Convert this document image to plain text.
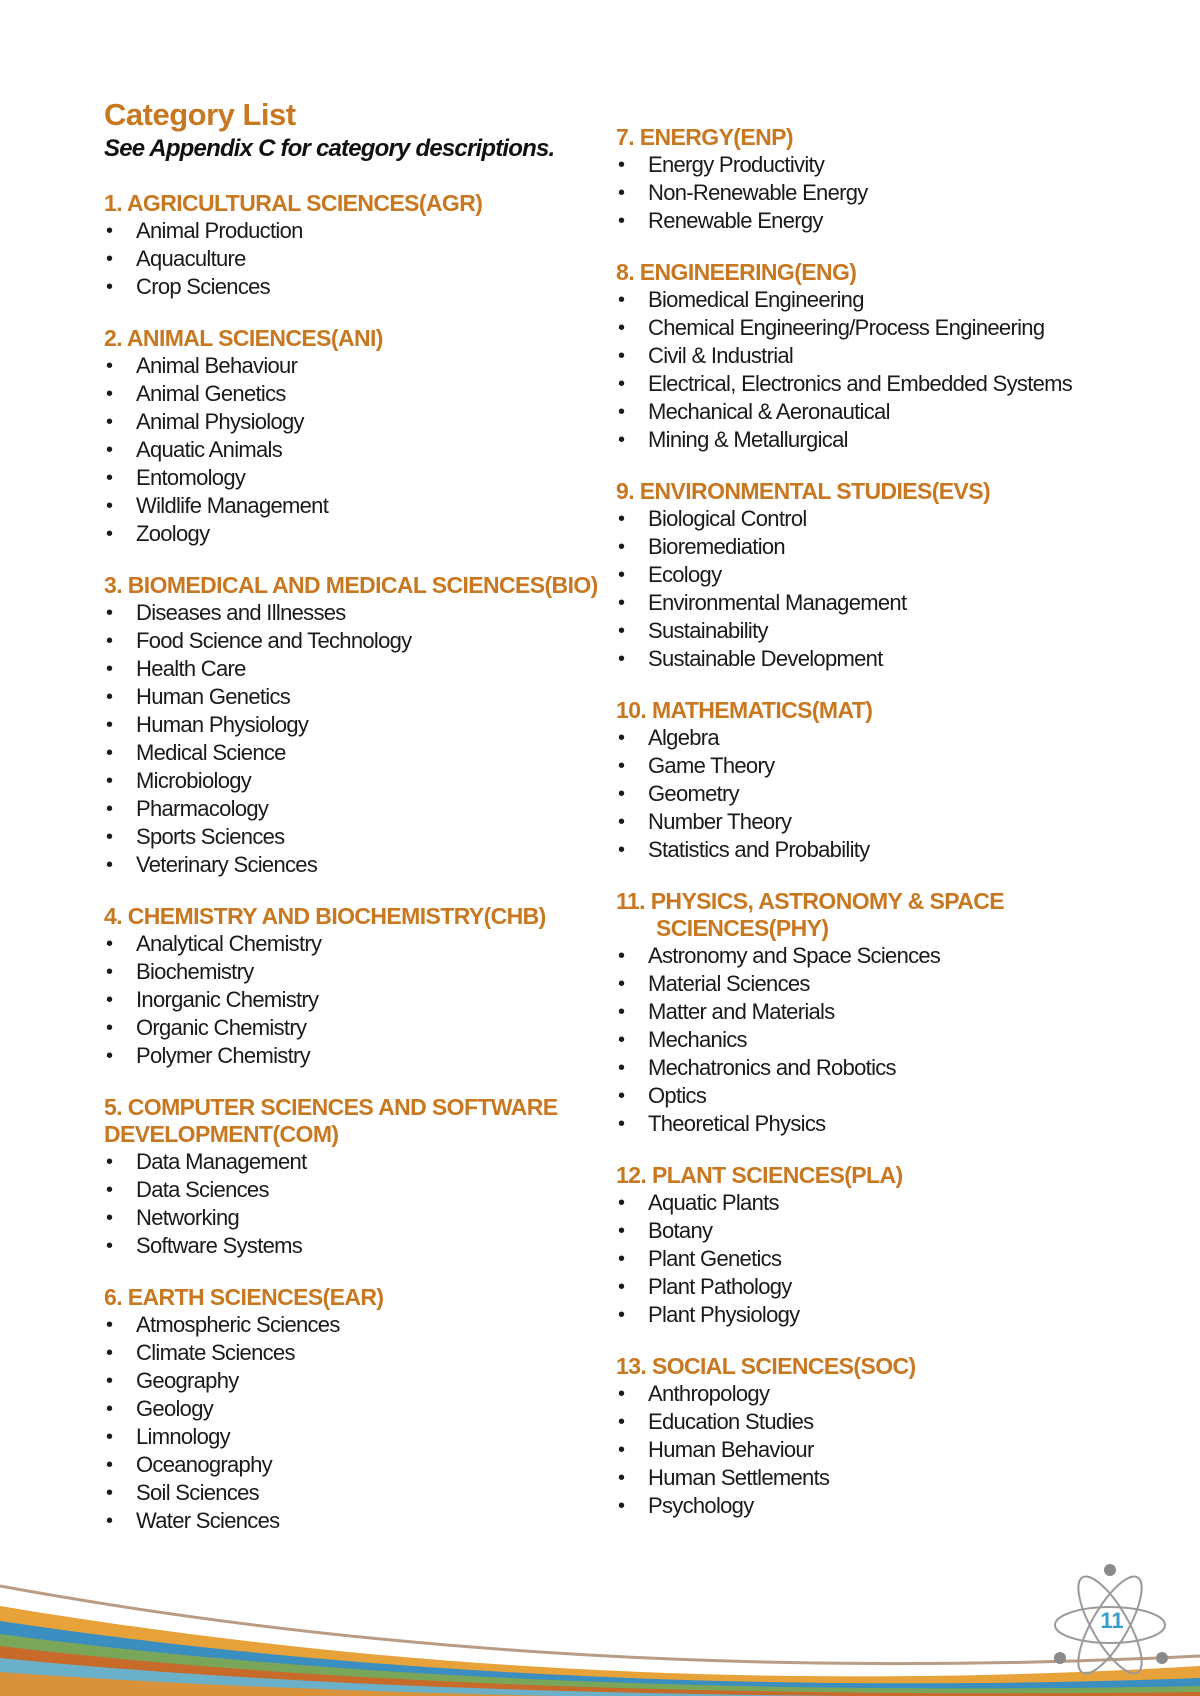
Category List

See Appendix C for category descriptions.

1. AGRICULTURAL SCIENCES(AGR)
• Animal Production
• Aquaculture
• Crop Sciences
2. ANIMAL SCIENCES(ANI)
• Animal Behaviour
• Animal Genetics
• Animal Physiology
• Aquatic Animals
• Entomology
• Wildlife Management
• Zoology
3. BIOMEDICAL AND MEDICAL SCIENCES(BIO)
• Diseases and Illnesses
• Food Science and Technology
• Health Care
• Human Genetics
• Human Physiology
• Medical Science
• Microbiology
• Pharmacology
• Sports Sciences
• Veterinary Sciences
4. CHEMISTRY AND BIOCHEMISTRY(CHB)
• Analytical Chemistry
• Biochemistry
• Inorganic Chemistry
• Organic Chemistry
• Polymer Chemistry
5. COMPUTER SCIENCES AND SOFTWARE DEVELOPMENT(COM)
• Data Management
• Data Sciences
• Networking
• Software Systems
6. EARTH SCIENCES(EAR)
• Atmospheric Sciences
• Climate Sciences
• Geography
• Geology
• Limnology
• Oceanography
• Soil Sciences
• Water Sciences
7. ENERGY(ENP)
• Energy Productivity
• Non-Renewable Energy
• Renewable Energy
8. ENGINEERING(ENG)
• Biomedical Engineering
• Chemical Engineering/Process Engineering
• Civil & Industrial
• Electrical, Electronics and Embedded Systems
• Mechanical & Aeronautical
• Mining & Metallurgical
9. ENVIRONMENTAL STUDIES(EVS)
• Biological Control
• Bioremediation
• Ecology
• Environmental Management
• Sustainability
• Sustainable Development
10. MATHEMATICS(MAT)
• Algebra
• Game Theory
• Geometry
• Number Theory
• Statistics and Probability
11. PHYSICS, ASTRONOMY & SPACE SCIENCES(PHY)
• Astronomy and Space Sciences
• Material Sciences
• Matter and Materials
• Mechanics
• Mechatronics and Robotics
• Optics
• Theoretical Physics
12. PLANT SCIENCES(PLA)
• Aquatic Plants
• Botany
• Plant Genetics
• Plant Pathology
• Plant Physiology
13. SOCIAL SCIENCES(SOC)
• Anthropology
• Education Studies
• Human Behaviour
• Human Settlements
• Psychology
11
